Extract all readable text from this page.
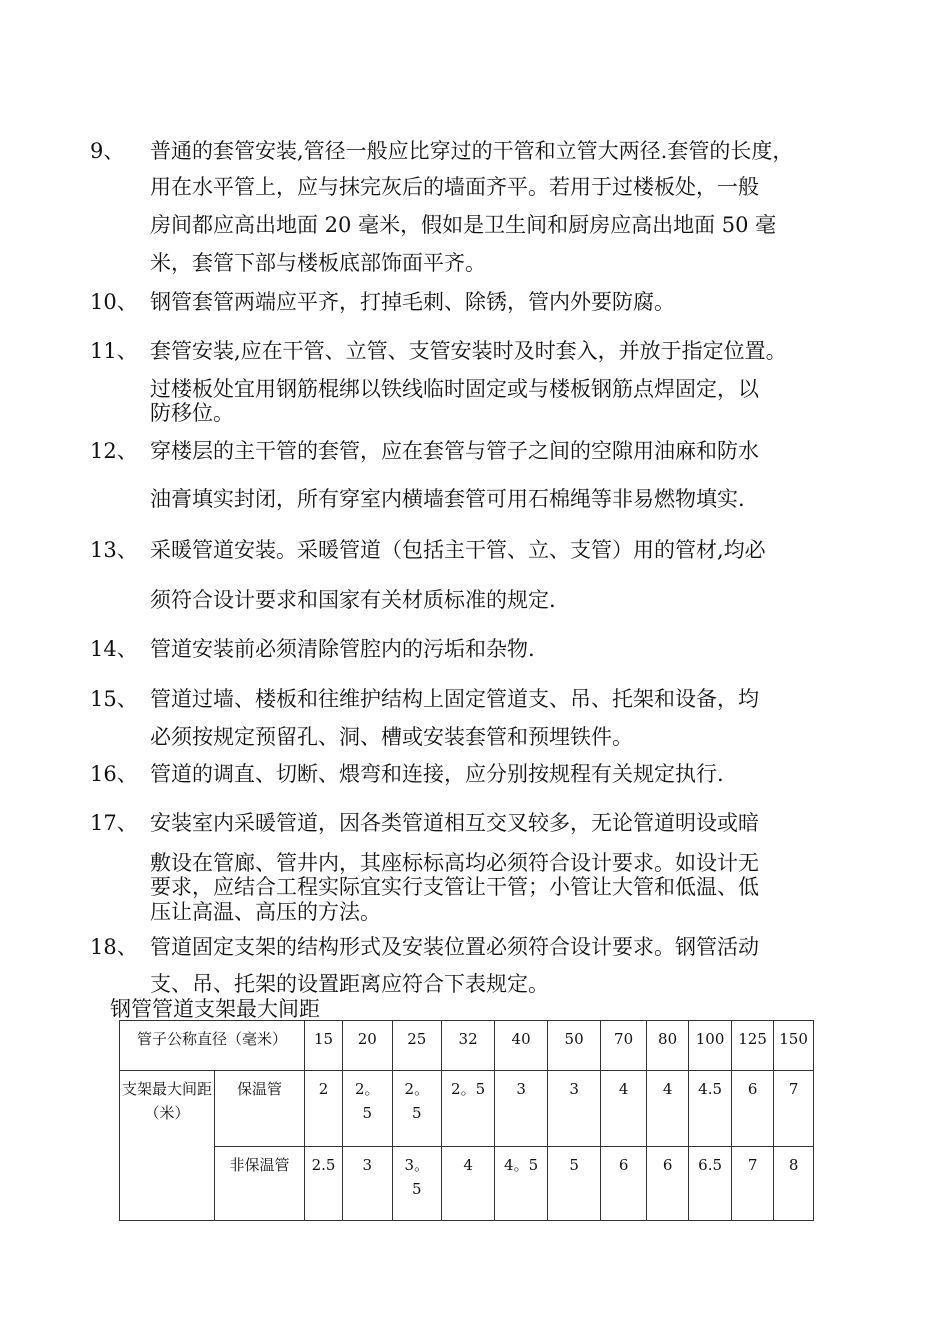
9、 普通的套管安装,管径一般应比穿过的干管和立管大两径.套管的长度，
用在水平管上，应与抹完灰后的墙面齐平。若用于过楼板处，一般
房间都应高出地面 20 毫米，假如是卫生间和厨房应高出地面 50 毫
米，套管下部与楼板底部饰面平齐。
10、 钢管套管两端应平齐，打掉毛刺、除锈，管内外要防腐。
11、 套管安装,应在干管、立管、支管安装时及时套入，并放于指定位置。
过楼板处宜用钢筋棍绑以铁线临时固定或与楼板钢筋点焊固定，以
防移位。
12、 穿楼层的主干管的套管，应在套管与管子之间的空隙用油麻和防水
油膏填实封闭，所有穿室内横墙套管可用石棉绳等非易燃物填实.
13、 采暖管道安装。采暖管道（包括主干管、立、支管）用的管材,均必
须符合设计要求和国家有关材质标准的规定.
14、 管道安装前必须清除管腔内的污垢和杂物.
15、 管道过墙、楼板和往维护结构上固定管道支、吊、托架和设备，均
必须按规定预留孔、洞、槽或安装套管和预埋铁件。
16、 管道的调直、切断、煨弯和连接，应分别按规程有关规定执行.
17、 安装室内采暖管道，因各类管道相互交叉较多，无论管道明设或暗
敷设在管廊、管井内，其座标标高均必须符合设计要求。如设计无
要求，应结合工程实际宜实行支管让干管；小管让大管和低温、低
压让高温、高压的方法。
18、 管道固定支架的结构形式及安装位置必须符合设计要求。钢管活动
支、吊、托架的设置距离应符合下表规定。
钢管管道支架最大间距
管子公称直径（毫米）		15	20	25	32	40	50	70	80	100	125	150
支架最大间距（米）	保温管	2	2。5	2。5	2。5	3	3	4	4	4.5	6	7
	非保温管	2.5	3	3。5	4	4。5	5	6	6	6.5	7	8
